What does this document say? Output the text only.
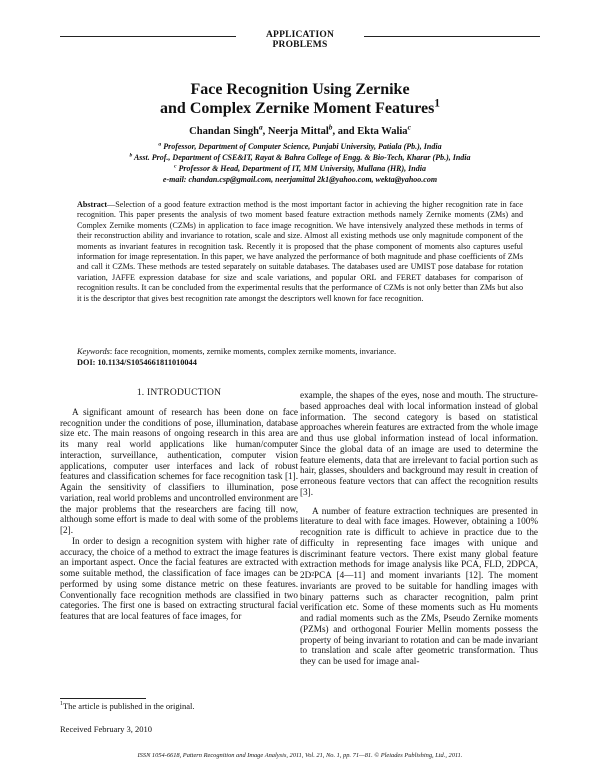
APPLICATION
PROBLEMS
Face Recognition Using Zernike
and Complex Zernike Moment Features$^1$
Chandan Singh$^a$, Neerja Mittal$^b$, and Ekta Walia$^c$
$^a$ Professor, Department of Computer Science, Punjabi University, Patiala (Pb.), India
$^b$ Asst. Prof., Department of CSE&IT, Rayat & Bahra College of Engg. & Bio-Tech, Kharar (Pb.), India
$^c$ Professor & Head, Department of IT, MM University, Mullana (HR), India
e-mail: chandan.csp@gmail.com, neerjamittal 2k1@yahoo.com, wekta@yahoo.com
Abstract—Selection of a good feature extraction method is the most important factor in achieving the higher recognition rate in face recognition. This paper presents the analysis of two moment based feature extraction methods namely Zernike moments (ZMs) and Complex Zernike moments (CZMs) in application to face image recognition. We have intensively analyzed these methods in terms of their reconstruction ability and invariance to rotation, scale and size. Almost all existing methods use only magnitude component of the moments as invariant features in recognition task. Recently it is proposed that the phase component of moments also captures useful information for image representation. In this paper, we have analyzed the performance of both magnitude and phase coefficients of ZMs and call it CZMs. These methods are tested separately on suitable databases. The databases used are UMIST pose database for rotation variation, JAFFE expression database for size and scale variations, and popular ORL and FERET databases for comparison of recognition results. It can be concluded from the experimental results that the performance of CZMs is not only better than ZMs but also it is the descriptor that gives best recognition rate amongst the descriptors well known for face recognition.
Keywords: face recognition, moments, zernike moments, complex zernike moments, invariance.
DOI: 10.1134/S1054661811010044
1. INTRODUCTION

A significant amount of research has been done on face recognition under the conditions of pose, illumination, database size etc. The main reasons of ongoing research in this area are its many real world applications like human/computer interaction, surveillance, authentication, computer vision applications, computer user interfaces and lack of robust features and classification schemes for face recognition task [1]. Again the sensitivity of classifiers to illumination, pose variation, real world problems and uncontrolled environment are the major problems that the researchers are facing till now, although some effort is made to deal with some of the problems [2].

In order to design a recognition system with higher rate of accuracy, the choice of a method to extract the image features is an important aspect. Once the facial features are extracted with some suitable method, the classification of face images can be performed by using some distance metric on these features. Conventionally face recognition methods are classified in two categories. The first one is based on extracting structural facial features that are local features of face images, for

example, the shapes of the eyes, nose and mouth. The structure-based approaches deal with local information instead of global information. The second category is based on statistical approaches wherein features are extracted from the whole image and thus use global information instead of local information. Since the global data of an image are used to determine the feature elements, data that are irrelevant to facial portion such as hair, glasses, shoulders and background may result in creation of erroneous feature vectors that can affect the recognition results [3].

A number of feature extraction techniques are presented in literature to deal with face images. However, obtaining a 100% recognition rate is difficult to achieve in practice due to the difficulty in representing face images with unique and discriminant feature vectors. There exist many global feature extraction methods for image analysis like PCA, FLD, 2DPCA, 2D²PCA [4—11] and moment invariants [12]. The moment invariants are proved to be suitable for handling images with binary patterns such as character recognition, palm print verification etc. Some of these moments such as Hu moments and radial moments such as the ZMs, Pseudo Zernike moments (PZMs) and orthogonal Fourier Mellin moments possess the property of being invariant to rotation and can be made invariant to translation and scale after geometric transformation. Thus they can be used for image anal-

$^1$The article is published in the original.
Received February 3, 2010
ISSN 1054-6618, Pattern Recognition and Image Analysis, 2011, Vol. 21, No. 1, pp. 71—81. © Pleiades Publishing, Ltd., 2011.
